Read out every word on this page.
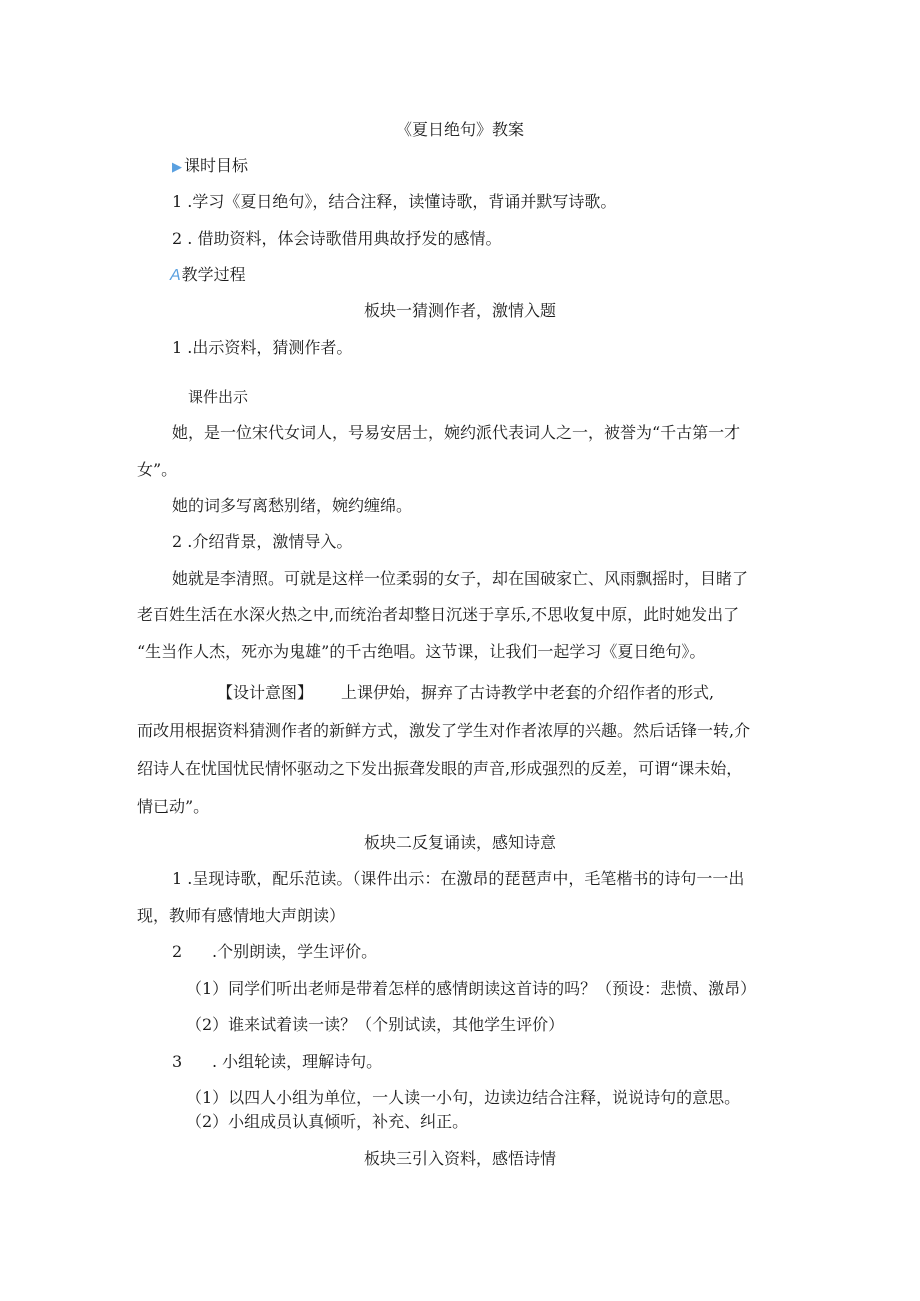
《夏日绝句》教案
▶ 课时目标
1 .学习《夏日绝句》，结合注释，读懂诗歌，背诵并默写诗歌。
2 . 借助资料，体会诗歌借用典故抒发的感情。
A教学过程
板块一猜测作者，激情入题
1 .出示资料，猜测作者。
课件出示
她，是一位宋代女词人，号易安居士，婉约派代表词人之一，被誉为“千古第一才
女”。
她的词多写离愁别绪，婉约缠绵。
2 .介绍背景，激情导入。
她就是李清照。可就是这样一位柔弱的女子，却在国破家亡、风雨飘摇时，目睹了
老百姓生活在水深火热之中,而统治者却整日沉迷于享乐,不思收复中原，此时她发出了
“生当作人杰，死亦为鬼雄”的千古绝唱。这节课，让我们一起学习《夏日绝句》。
【设计意图】 上课伊始，摒弃了古诗教学中老套的介绍作者的形式,
而改用根据资料猜测作者的新鲜方式，激发了学生对作者浓厚的兴趣。然后话锋一转,介
绍诗人在忧国忧民情怀驱动之下发出振聋发眼的声音,形成强烈的反差，可谓“课未始，
情已动”。
板块二反复诵读，感知诗意
1 .呈现诗歌，配乐范读。（课件出示：在激昂的琵琶声中，毛笔楷书的诗句一一出
现，教师有感情地大声朗读）
2 .个别朗读，学生评价。
（1）同学们听出老师是带着怎样的感情朗读这首诗的吗？（预设：悲愤、激昂）
（2）谁来试着读一读？（个别试读，其他学生评价）
3 . 小组轮读，理解诗句。
（1）以四人小组为单位，一人读一小句，边读边结合注释，说说诗句的意思。
（2）小组成员认真倾听，补充、纠正。
板块三引入资料，感悟诗情
